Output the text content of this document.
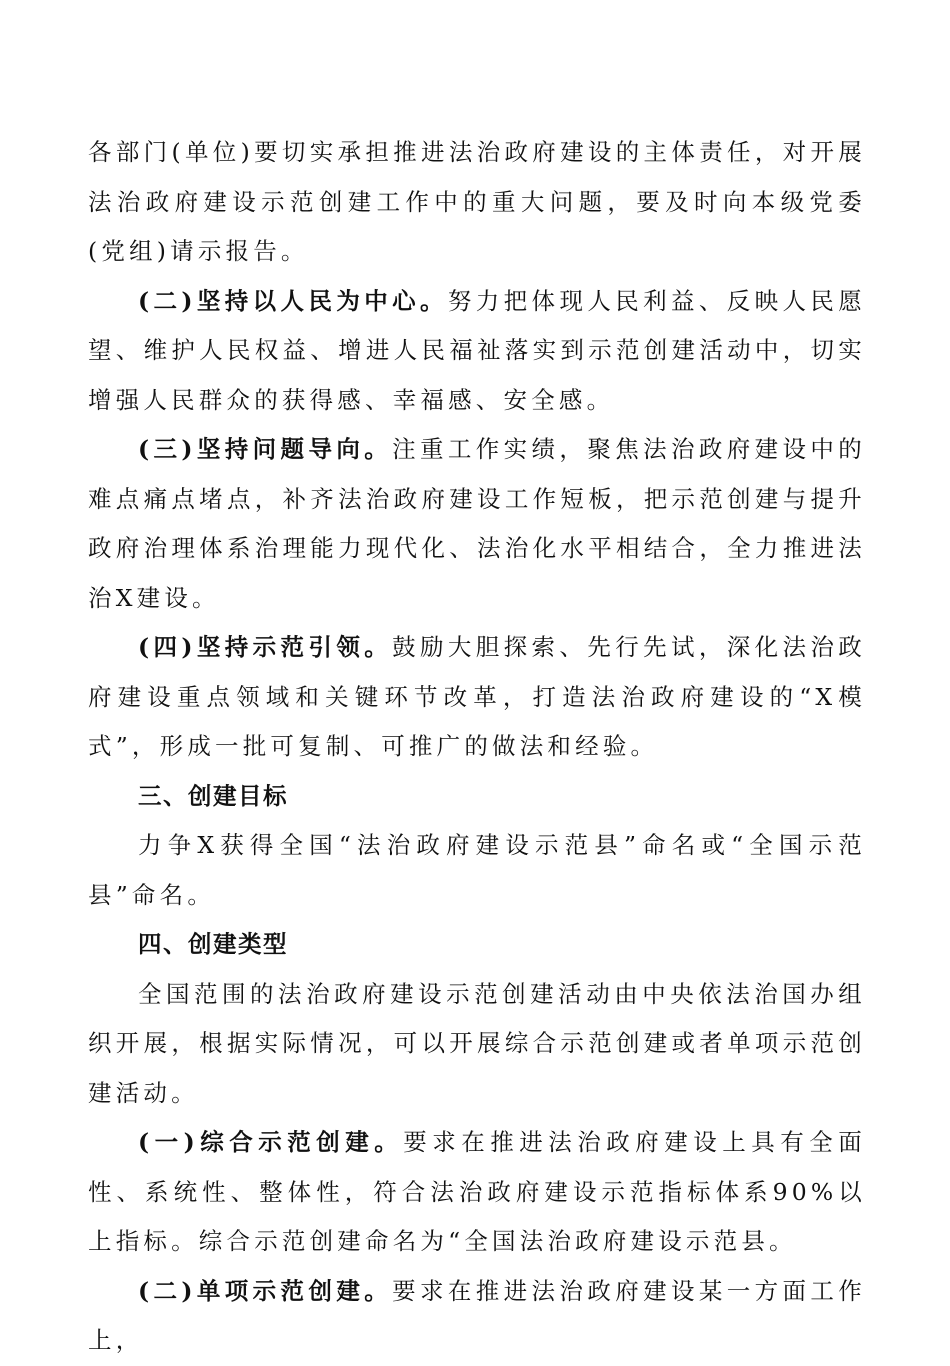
各部门(单位)要切实承担推进法治政府建设的主体责任，对开展法治政府建设示范创建工作中的重大问题，要及时向本级党委(党组)请示报告。

(二)坚持以人民为中心。努力把体现人民利益、反映人民愿望、维护人民权益、增进人民福祉落实到示范创建活动中，切实增强人民群众的获得感、幸福感、安全感。

(三)坚持问题导向。注重工作实绩，聚焦法治政府建设中的难点痛点堵点，补齐法治政府建设工作短板，把示范创建与提升政府治理体系治理能力现代化、法治化水平相结合，全力推进法治X建设。

(四)坚持示范引领。鼓励大胆探索、先行先试，深化法治政府建设重点领域和关键环节改革，打造法治政府建设的“X模式”，形成一批可复制、可推广的做法和经验。

三、创建目标

力争X获得全国“法治政府建设示范县”命名或“全国示范县”命名。

四、创建类型

全国范围的法治政府建设示范创建活动由中央依法治国办组织开展，根据实际情况，可以开展综合示范创建或者单项示范创建活动。

(一)综合示范创建。要求在推进法治政府建设上具有全面性、系统性、整体性，符合法治政府建设示范指标体系90%以上指标。综合示范创建命名为“全国法治政府建设示范县。

(二)单项示范创建。要求在推进法治政府建设某一方面工作上，
